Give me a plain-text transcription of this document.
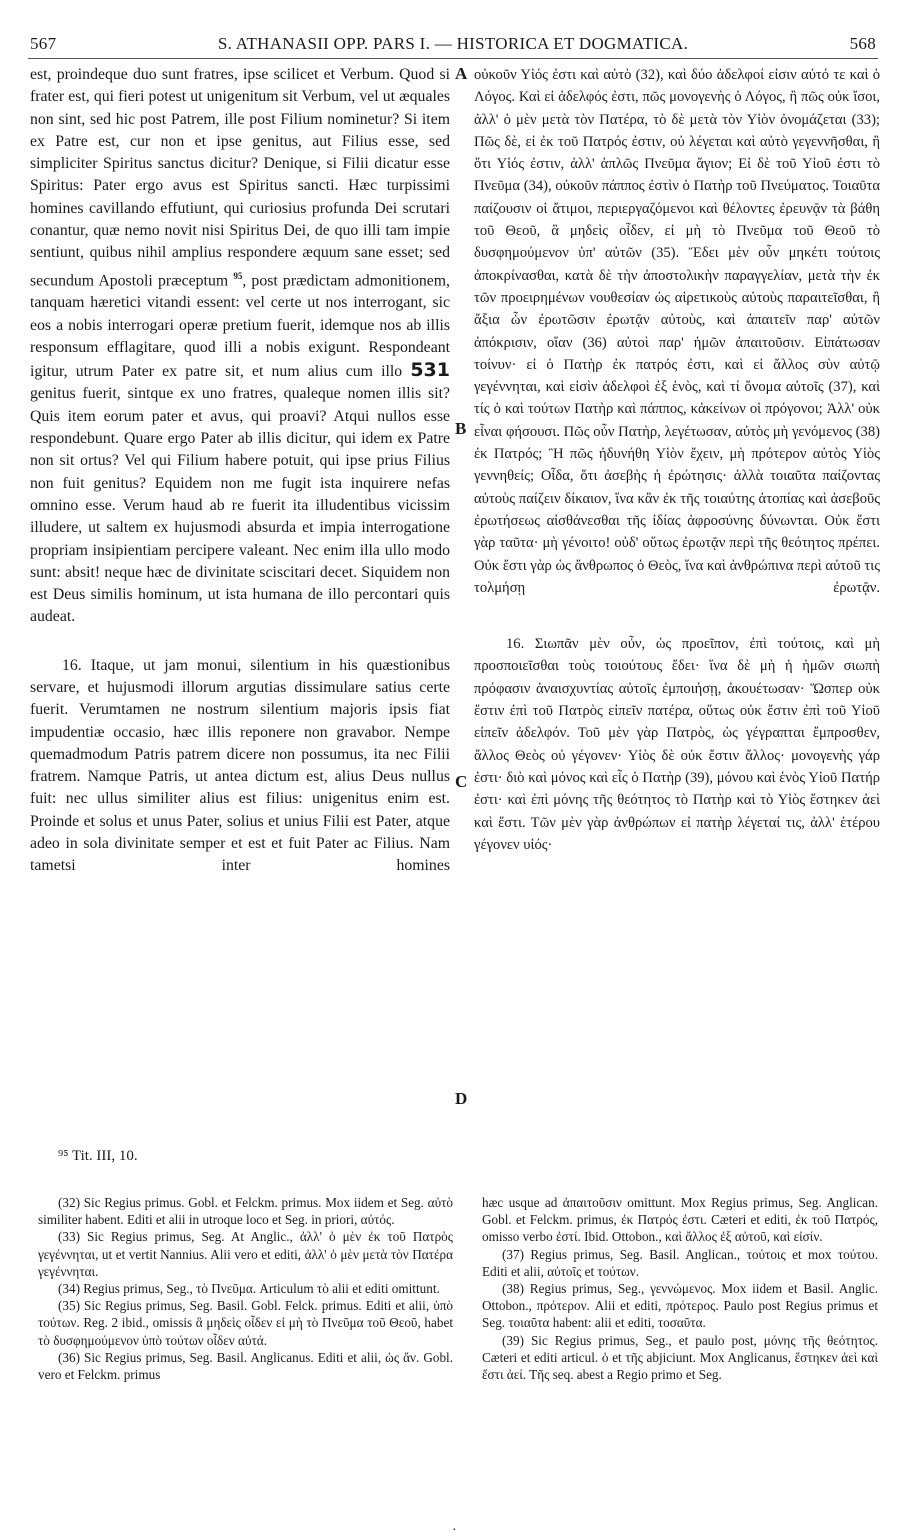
567	S. ATHANASII OPP. PARS I. — HISTORICA ET DOGMATICA.	568

est, proindeque duo sunt fratres, ipse scilicet et Verbum. Quod si frater est, qui fieri potest ut unigenitum sit Verbum, vel ut æquales non sint, sed hic post Patrem, ille post Filium nominetur? Si item ex Patre est, cur non et ipse genitus, aut Filius esse, sed simpliciter Spiritus sanctus dicitur? Denique, si Filii dicatur esse Spiritus: Pater ergo avus est Spiritus sancti. Hæc turpissimi homines cavillando effutiunt, qui curiosius profunda Dei scrutari conantur, quæ nemo novit nisi Spiritus Dei, de quo illi tam impie sentiunt, quibus nihil amplius respondere æquum sane esset; sed secundum Apostoli præceptum $^{95}$, post prædictam admonitionem, tanquam hæretici vitandi essent: vel certe ut nos interrogant, sic eos a nobis interrogari operæ pretium fuerit, idemque nos ab illis responsum efflagitare, quod illi a nobis exigunt. Respondeant igitur, utrum Pater ex patre sit, et num alius cum illo 531 genitus fuerit, sintque ex uno fratres, qualeque nomen illis sit? Quis item eorum pater et avus, qui proavi? Atqui nullos esse respondebunt. Quare ergo Pater ab illis dicitur, qui idem ex Patre non sit ortus? Vel qui Filium habere potuit, qui ipse prius Filius non fuit genitus? Equidem non me fugit ista inquirere nefas omnino esse. Verum haud ab re fuerit ita illudentibus vicissim illudere, ut saltem ex hujusmodi absurda et impia interrogatione propriam insipientiam percipere valeant. Nec enim illa ullo modo sunt: absit! neque hæc de divinitate sciscitari decet. Siquidem non est Deus similis hominum, ut ista humana de illo percontari quis audeat.

16. Itaque, ut jam monui, silentium in his quæstionibus servare, et hujusmodi illorum argutias dissimulare satius certe fuerit. Verumtamen ne nostrum silentium majoris ipsis fiat impudentiæ occasio, hæc illis reponere non gravabor. Nempe quemadmodum Patris patrem dicere non possumus, ita nec Filii fratrem. Namque Patris, ut antea dictum est, alius Deus nullus fuit: nec ullus similiter alius est filius: unigenitus enim est. Proinde et solus et unus Pater, solius et unius Filii est Pater, atque adeo in sola divinitate semper et est et fuit Pater ac Filius. Nam tametsi inter homines

A
B
C
D

οὐκοῦν Υἱός ἐστι καὶ αὐτὸ (32), καὶ δύο ἀδελφοί εἰσιν αὐτό τε καὶ ὁ Λόγος. Καὶ εἰ ἀδελφός ἐστι, πῶς μονογενὴς ὁ Λόγος, ἢ πῶς οὐκ ἴσοι, ἀλλ' ὁ μὲν μετὰ τὸν Πατέρα, τὸ δὲ μετὰ τὸν Υἱὸν ὀνομάζεται (33); Πῶς δὲ, εἰ ἐκ τοῦ Πατρός ἐστιν, οὐ λέγεται καὶ αὐτὸ γεγεννῆσθαι, ἢ ὅτι Υἱός ἐστιν, ἀλλ' ἁπλῶς Πνεῦμα ἅγιον; Εἰ δὲ τοῦ Υἱοῦ ἐστι τὸ Πνεῦμα (34), οὐκοῦν πάππος ἐστὶν ὁ Πατὴρ τοῦ Πνεύματος. Τοιαῦτα παίζουσιν οἱ ἄτιμοι, περιεργαζόμενοι καὶ θέλοντες ἐρευνᾷν τὰ βάθη τοῦ Θεοῦ, ἃ μηδεὶς οἶδεν, εἰ μὴ τὸ Πνεῦμα τοῦ Θεοῦ τὸ δυσφημούμενον ὑπ' αὐτῶν (35). Ἔδει μὲν οὖν μηκέτι τούτοις ἀποκρίνασθαι, κατὰ δὲ τὴν ἀποστολικὴν παραγγελίαν, μετὰ τὴν ἐκ τῶν προειρημένων νουθεσίαν ὡς αἱρετικοὺς αὐτοὺς παραιτεῖσθαι, ἢ ἄξια ὧν ἐρωτῶσιν ἐρωτᾷν αὐτοὺς, καὶ ἀπαιτεῖν παρ' αὐτῶν ἀπόκρισιν, οἵαν (36) αὐτοὶ παρ' ἡμῶν ἀπαιτοῦσιν. Εἰπάτωσαν τοίνυν· εἰ ὁ Πατὴρ ἐκ πατρός ἐστι, καὶ εἰ ἄλλος σὺν αὐτῷ γεγέννηται, καὶ εἰσὶν ἀδελφοὶ ἐξ ἑνὸς, καὶ τί ὄνομα αὐτοῖς (37), καὶ τίς ὁ καὶ τούτων Πατὴρ καὶ πάππος, κἀκείνων οἱ πρόγονοι; Ἀλλ' οὐκ εἶναι φήσουσι. Πῶς οὖν Πατὴρ, λεγέτωσαν, αὐτὸς μὴ γενόμενος (38) ἐκ Πατρός; Ἢ πῶς ἠδυνήθη Υἱὸν ἔχειν, μὴ πρότερον αὐτὸς Υἱὸς γεννηθείς; Οἶδα, ὅτι ἀσεβὴς ἡ ἐρώτησις· ἀλλὰ τοιαῦτα παίζοντας αὐτοὺς παίζειν δίκαιον, ἵνα κἂν ἐκ τῆς τοιαύτης ἀτοπίας καὶ ἀσεβοῦς ἐρωτήσεως αἰσθάνεσθαι τῆς ἰδίας ἀφροσύνης δύνωνται. Οὐκ ἔστι γὰρ ταῦτα· μὴ γένοιτο! οὐδ' οὕτως ἐρωτᾷν περὶ τῆς θεότητος πρέπει. Οὐκ ἔστι γὰρ ὡς ἄνθρωπος ὁ Θεὸς, ἵνα καὶ ἀνθρώπινα περὶ αὐτοῦ τις τολμήσῃ ἐρωτᾷν.

16. Σιωπᾶν μὲν οὖν, ὡς προεῖπον, ἐπὶ τούτοις, καὶ μὴ προσποιεῖσθαι τοὺς τοιούτους ἔδει· ἵνα δὲ μὴ ἡ ἡμῶν σιωπὴ πρόφασιν ἀναισχυντίας αὐτοῖς ἐμποιήσῃ, ἀκουέτωσαν· Ὥσπερ οὐκ ἔστιν ἐπὶ τοῦ Πατρὸς εἰπεῖν πατέρα, οὕτως οὐκ ἔστιν ἐπὶ τοῦ Υἱοῦ εἰπεῖν ἀδελφόν. Τοῦ μὲν γὰρ Πατρὸς, ὡς γέγραπται ἔμπροσθεν, ἄλλος Θεὸς οὐ γέγονεν· Υἱὸς δὲ οὐκ ἔστιν ἄλλος· μονογενὴς γάρ ἐστι· διὸ καὶ μόνος καὶ εἷς ὁ Πατὴρ (39), μόνου καὶ ἑνὸς Υἱοῦ Πατήρ ἐστι· καὶ ἐπὶ μόνης τῆς θεότητος τὸ Πατὴρ καὶ τὸ Υἱὸς ἕστηκεν ἀεὶ καὶ ἔστι. Τῶν μὲν γὰρ ἀνθρώπων εἰ πατὴρ λέγεταί τις, ἀλλ' ἑτέρου γέγονεν υἱός·

⁹⁵ Tit. III, 10.

(32) Sic Regius primus. Gobl. et Felckm. primus. Mox iidem et Seg. αὐτὸ similiter habent. Editi et alii in utroque loco et Seg. in priori, αὐτός.

(33) Sic Regius primus, Seg. At Anglic., ἀλλ' ὁ μὲν ἐκ τοῦ Πατρὸς γεγέννηται, ut et vertit Nannius. Alii vero et editi, ἀλλ' ὁ μὲν μετὰ τὸν Πατέρα γεγέννηται.

(34) Regius primus, Seg., τὸ Πνεῦμα. Articulum τὸ alii et editi omittunt.

(35) Sic Regius primus, Seg. Basil. Gobl. Felck. primus. Editi et alii, ὑπὸ τούτων. Reg. 2 ibid., omissis ἃ μηδεὶς οἶδεν εἰ μὴ τὸ Πνεῦμα τοῦ Θεοῦ, habet τὸ δυσφημούμενον ὑπὸ τούτων οἶδεν αὐτά.

(36) Sic Regius primus, Seg. Basil. Anglicanus. Editi et alii, ὡς ἄν. Gobl. vero et Felckm. primus

hæc usque ad ἀπαιτοῦσιν omittunt. Mox Regius primus, Seg. Anglican. Gobl. et Felckm. primus, ἐκ Πατρός ἐστι. Cæteri et editi, ἐκ τοῦ Πατρός, omisso verbo ἐστί. Ibid. Ottobon., καὶ ἄλλος ἐξ αὐτοῦ, καὶ εἰσίν.

(37) Regius primus, Seg. Basil. Anglican., τούτοις et mox τούτου. Editi et alii, αὐτοῖς et τούτων.

(38) Regius primus, Seg., γεννώμενος. Mox iidem et Basil. Anglic. Ottobon., πρότερον. Alii et editi, πρότερος. Paulo post Regius primus et Seg. τοιαῦτα habent: alii et editi, τοσαῦτα.

(39) Sic Regius primus, Seg., et paulo post, μόνης τῆς θεότητος. Cæteri et editi articul. ὁ et τῆς abjiciunt. Mox Anglicanus, ἕστηκεν ἀεὶ καὶ ἔστι ἀεί. Τῆς seq. abest a Regio primo et Seg.

·
